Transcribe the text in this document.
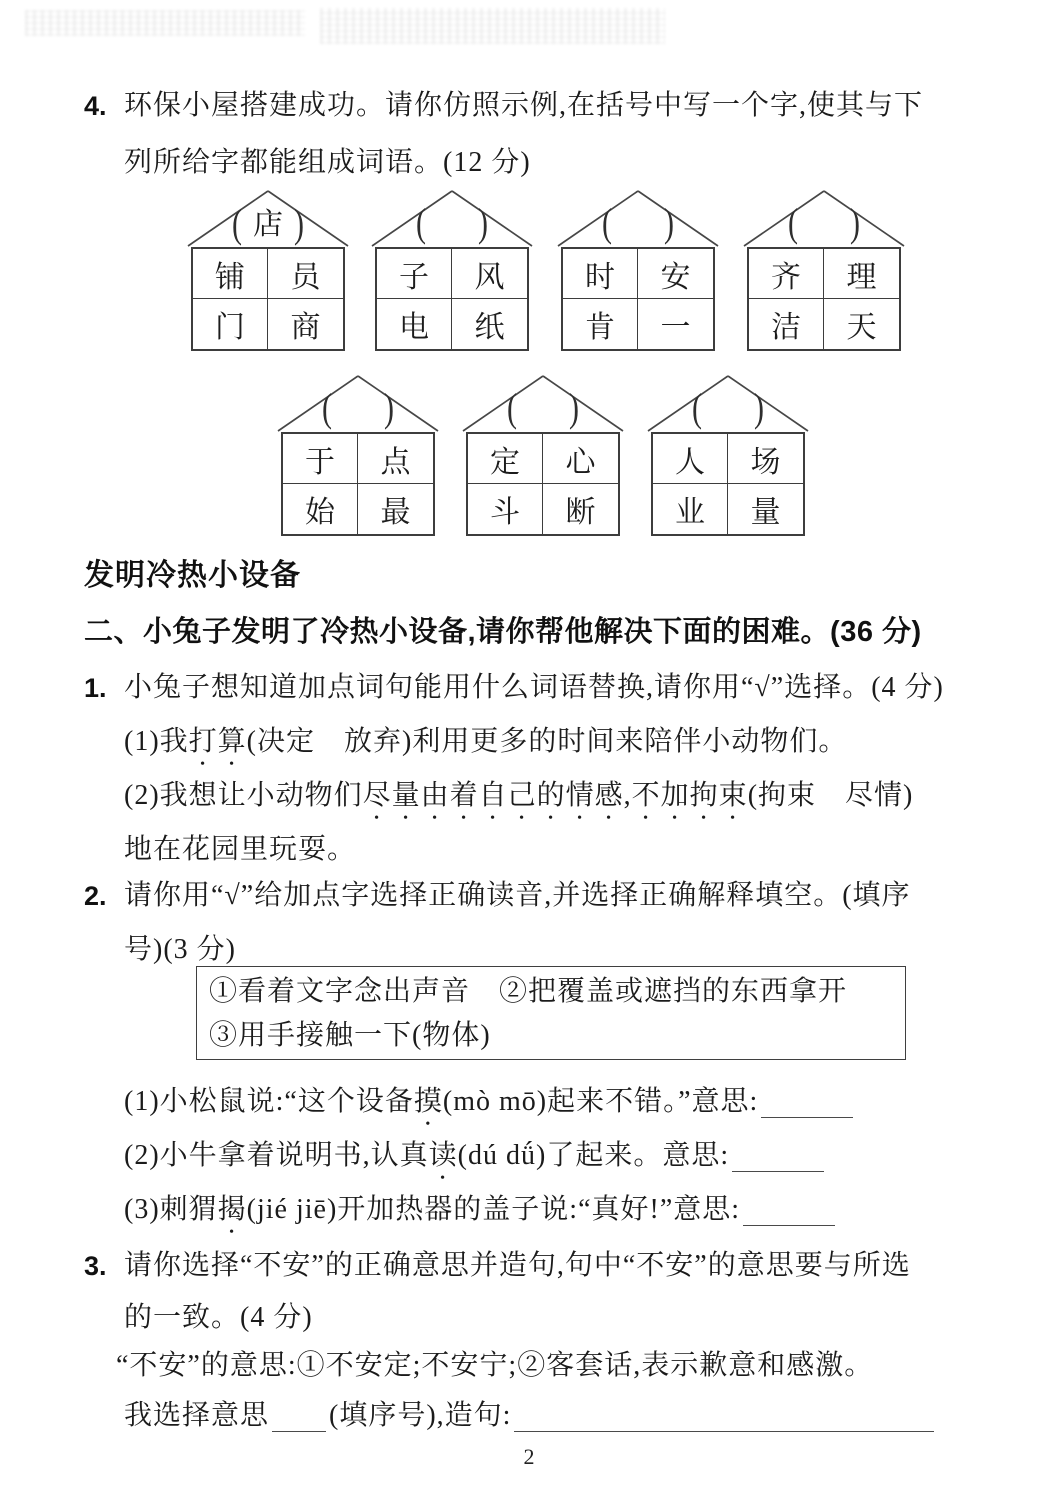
4. 环保小屋搭建成功。请你仿照示例,在括号中写一个字,使其与下
列所给字都能组成词语。(12 分)
( 店 )
铺	员
门	商
( )
子	风
电	纸
( )
时	安
肯	一
( )
齐	理
洁	天
( )
于	点
始	最
( )
定	心
斗	断
( )
人	场
业	量
发明冷热小设备
二、小兔子发明了冷热小设备,请你帮他解决下面的困难。(36 分)
1. 小兔子想知道加点词句能用什么词语替换,请你用“√”选择。(4 分)
(1)我打算(决定　放弃)利用更多的时间来陪伴小动物们。
(2)我想让小动物们尽量由着自己的情感,不加拘束(拘束　尽情)
地在花园里玩耍。
2. 请你用“√”给加点字选择正确读音,并选择正确解释填空。(填序
号)(3 分)
①看着文字念出声音　②把覆盖或遮挡的东西拿开
③用手接触一下(物体)
(1)小松鼠说:“这个设备摸(mò mō)起来不错。”意思:
(2)小牛拿着说明书,认真读(dú dǘ)了起来。意思:
(3)刺猬揭(jié jiē)开加热器的盖子说:“真好!”意思:
3. 请你选择“不安”的正确意思并造句,句中“不安”的意思要与所选
的一致。(4 分)
“不安”的意思:①不安定;不安宁;②客套话,表示歉意和感激。
我选择意思 (填序号),造句:
2
